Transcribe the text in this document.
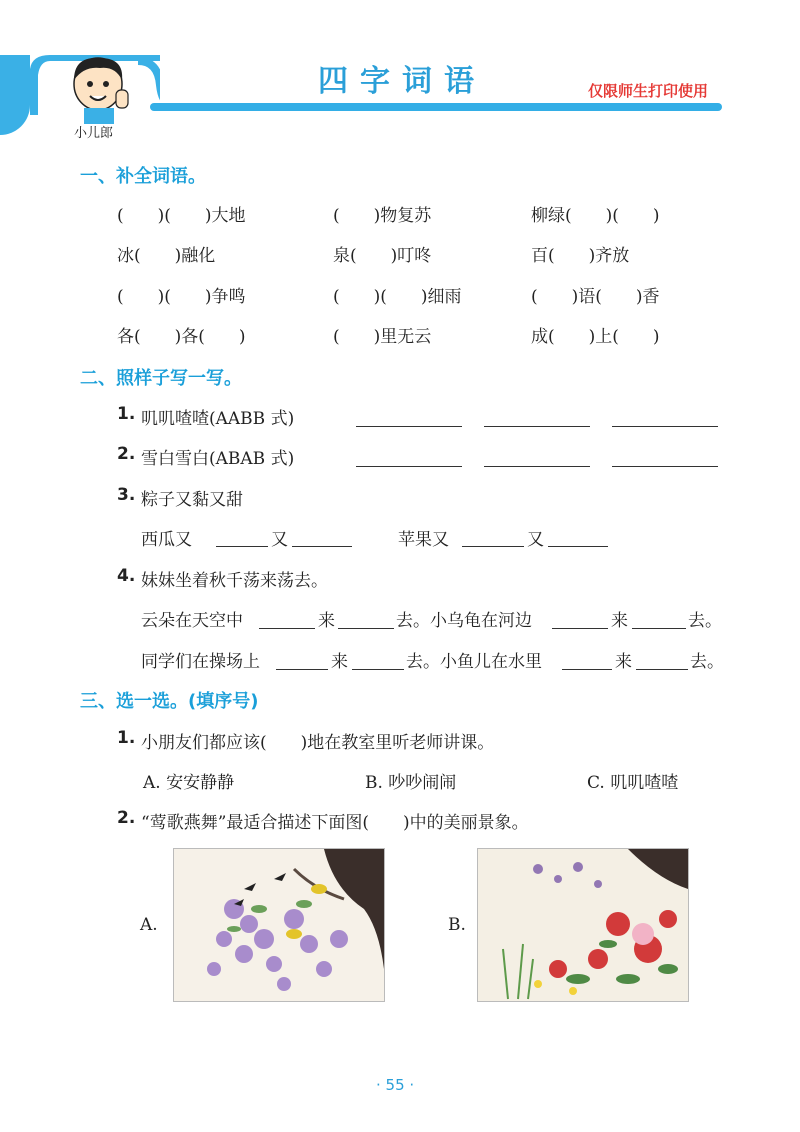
小儿郎
四字词语	仅限师生打印使用
一、补全词语。
(　　)(　　)大地	(　　)物复苏	柳绿(　　)(　　)
冰(　　)融化	泉(　　)叮咚	百(　　)齐放
(　　)(　　)争鸣	(　　)(　　)细雨	(　　)语(　　)香
各(　　)各(　　)	(　　)里无云	成(　　)上(　　)
二、照样子写一写。
1. 叽叽喳喳(AABB 式)
2. 雪白雪白(ABAB 式)
3. 粽子又黏又甜
西瓜又	又	苹果又	又
4. 妹妹坐着秋千荡来荡去。
云朵在天空中	来	去。小乌龟在河边	来	去。
同学们在操场上	来	去。小鱼儿在水里	来	去。
三、选一选。(填序号)
1. 小朋友们都应该(　　)地在教室里听老师讲课。
A. 安安静静	B. 吵吵闹闹	C. 叽叽喳喳
2. “莺歌燕舞”最适合描述下面图(　　)中的美丽景象。
A.	B.
· 55 ·
